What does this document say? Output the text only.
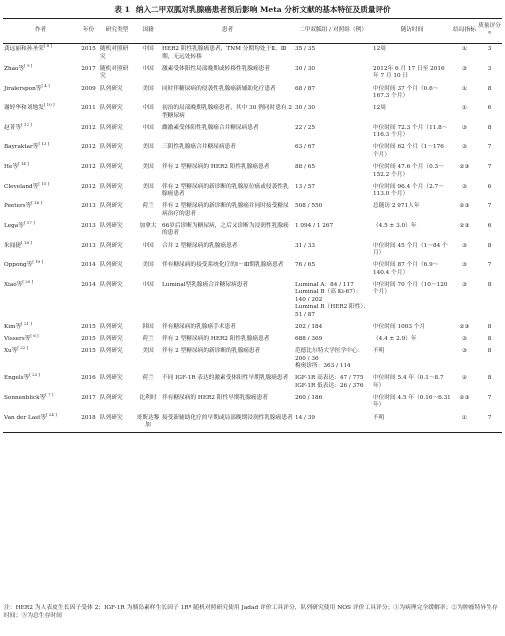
表 1 纳入二甲双胍对乳腺癌患者预后影响 Meta 分析文献的基本特征及质量评价
作者	年份	研究类型	国籍	患者	二甲双胍组 / 对照组（例）	随访时间	结局指标	质量评分 ª
龚远丽和孙圣荣[ 8 ]	2015	随机对照研究	中国	HER2 阴性乳腺癌患者，TNM 分期均处于Ⅱ、Ⅲ期，无远处转移	35 / 35	12周	①	3
Zhao等[ 9 ]	2017	随机对照研究	中国	激素受体阳性局部晚期或转移性乳腺癌患者	30 / 30	2012年 6 月 17 日至 2016 年 7 月 10 日	③	3
Jiralerspon等[ 4 ]	2009	队列研究	美国	同时伴糖尿病的侵袭性乳腺癌新辅助化疗患者	68 / 87	中位时间 37 个月（0.6～167.3 个月）	①	8
谢婷华和刘地发[ 10 ]	2011	队列研究	中国	初治的局部晚期乳腺癌患者，其中 30 例同时患有 2 型糖尿病	30 / 30	12周	①	6
赵菁等[ 12 ]	2012	队列研究	中国	雌激素受体阳性乳腺癌合并糖尿病患者	22 / 25	中位时间 72.3 个月（11.8～116.3 个月）	③	8
Bayraktar等[ 13 ]	2012	队列研究	美国	三阴性乳腺癌合并糖尿病患者	63 / 67	中位时间 62 个月（1～176 个月）	③	7
He等[ 14 ]	2012	队列研究	美国	伴有 2 型糖尿病的 HER2 阳性乳腺癌患者	88 / 65	中位时间 47.6 个月（0.3～152.2 个月）	②③	7
Cleveland等[ 15 ]	2012	队列研究	美国	伴有 2 型糖尿病的新诊断的乳腺原位癌或侵袭性乳腺癌患者	13 / 57	中位时间 96.4 个月（2.7～113.0 个月）	③	6
Peeters等[ 16 ]	2013	队列研究	荷兰	伴有 2 型糖尿病的新诊断的乳腺癌并同时接受糖尿病治疗的患者	508 / 550	总随访 2 971人年	②③	7
Lega等[ 17 ]	2013	队列研究	加拿大	66岁后诊断为糖尿病，之后又诊断为浸润性乳腺癌的患者	1 094 / 1 267	（4.5 ± 3.0）年	②③	6
朱闻捷[ 18 ]	2013	队列研究	中国	合并 2 型糖尿病的乳腺癌患者	31 / 33	中位时间 45 个月（1～84 个月）	③	8
Oppong等[ 19 ]	2014	队列研究	美国	伴有糖尿病的接受系统化疗的Ⅰ－Ⅲ期乳腺癌患者	76 / 65	中位时间 87 个月（6.9～140.4 个月）	③	7
Xiao等[ 20 ]	2014	队列研究	中国	Luminal型乳腺癌合并糖尿病患者	Luminal A：84 / 117
Luminal B（高 Ki-67）：140 / 202
Luminal B（HER2 阳性）：51 / 87	中位时间 70 个月（10～120 个月）	③	8
Kim等[ 21 ]	2015	队列研究	韩国	伴有糖尿病的乳腺癌手术患者	202 / 184	中位时间 1003 个月	②③	8
Vissers等[ 6 ]	2015	队列研究	荷兰	伴有 2 型糖尿病的 HER2 阳性乳腺癌患者	688 / 369	（4.4 ± 2.9）年	③	8
Xu等[ 22 ]	2015	队列研究	美国	伴有 2 型糖尿病的新诊断的乳腺癌患者	范德比尔特大学医学中心：200 / 36
梅奥诊所：363 / 114	不明	③	8
Engels等[ 23 ]	2016	队列研究	荷兰	不同 IGF-1R 表达的激素受体阳性早期乳腺癌患者	IGF-1R 高表达：47 / 775
IGF-1R 低表达：26 / 376	中位时间 5.4 年（0.1～8.7 年）	②	8
Sonnenblick等[ 7 ]	2017	队列研究	比利时	伴有糖尿病的 HER2 阳性早期乳腺癌患者	260 / 186	中位时间 4.5 年（0.16～6.31 年）	②③	7
Van der Last等[ 24 ]	2018	队列研究	哥斯达黎加	接受新辅助化疗的早期或局部晚期浸润性乳腺癌患者	14 / 39	不明	①	7
注：HER2 为人表皮生长因子受体 2；IGF-1R 为胰岛素样生长因子 1Rª 随机对照研究使用 Jadad 评价工具评分，队列研究使用 NOS 评价工具评分；①为病理完全缓解率；②为肿瘤特异生存时间；③为总生存时间
